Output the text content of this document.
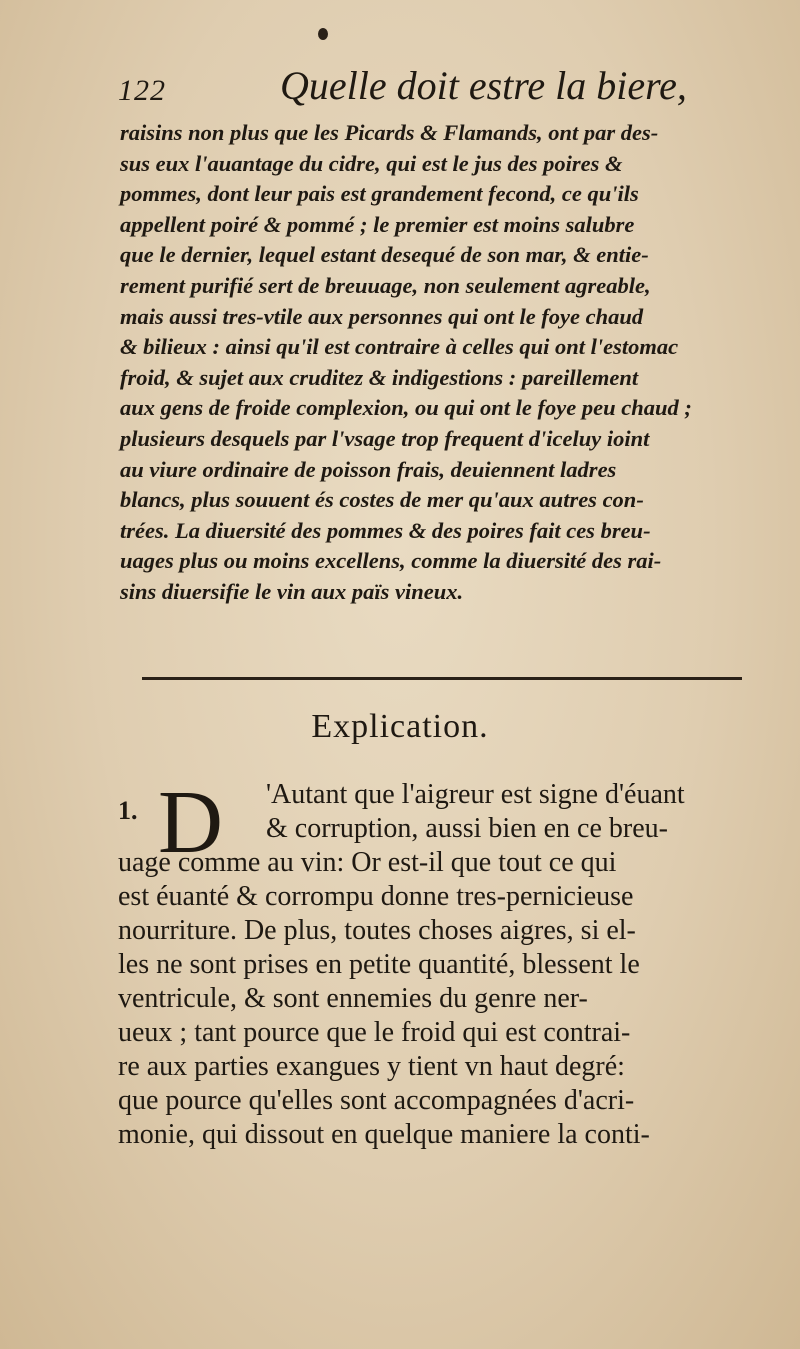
122	Quelle doit estre la biere,
raisins non plus que les Picards & Flamands, ont par des-
sus eux l'auantage du cidre, qui est le jus des poires &
pommes, dont leur pais est grandement fecond, ce qu'ils
appellent poiré & pommé ; le premier est moins salubre
que le dernier, lequel estant desequé de son mar, & entie-
rement purifié sert de breuuage, non seulement agreable,
mais aussi tres-vtile aux personnes qui ont le foye chaud
& bilieux : ainsi qu'il est contraire à celles qui ont l'estomac
froid, & sujet aux cruditez & indigestions : pareillement
aux gens de froide complexion, ou qui ont le foye peu chaud ;
plusieurs desquels par l'vsage trop frequent d'iceluy ioint
au viure ordinaire de poisson frais, deuiennent ladres
blancs, plus souuent és costes de mer qu'aux autres con-
trées. La diuersité des pommes & des poires fait ces breu-
uages plus ou moins excellens, comme la diuersité des rai-
sins diuersifie le vin aux païs vineux.
Explication.
1. D	'Autant que l'aigreur est signe d'éuant
& corruption, aussi bien en ce breu-
uage comme au vin: Or est-il que tout ce qui
est éuanté & corrompu donne tres-pernicieuse
nourriture. De plus, toutes choses aigres, si el-
les ne sont prises en petite quantité, blessent le
ventricule, & sont ennemies du genre ner-
ueux ; tant pource que le froid qui est contrai-
re aux parties exangues y tient vn haut degré:
que pource qu'elles sont accompagnées d'acri-
monie, qui dissout en quelque maniere la conti-
